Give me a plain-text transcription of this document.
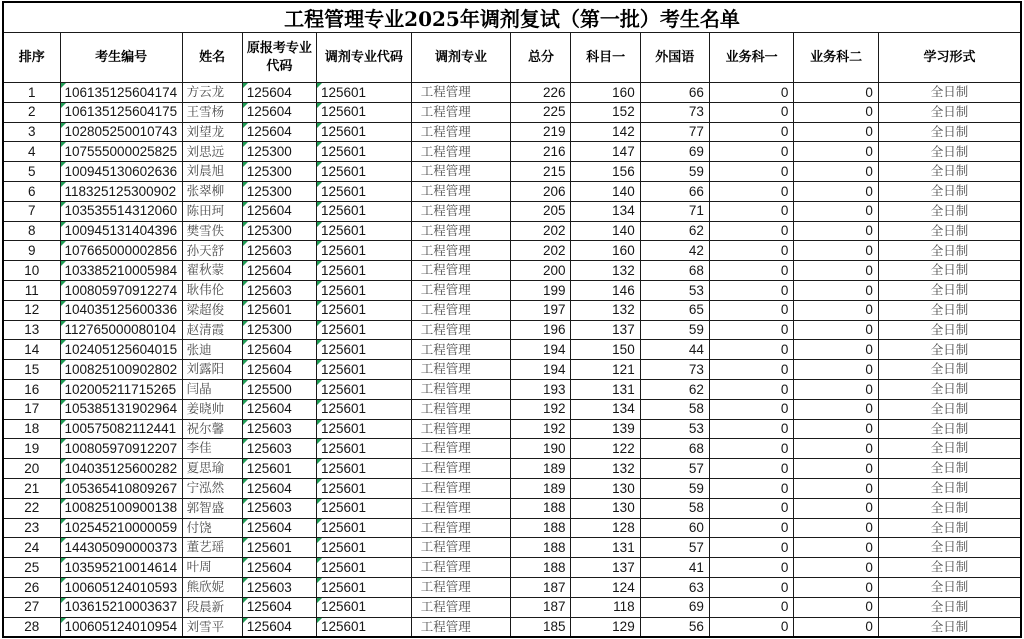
工程管理专业2025年调剂复试（第一批）考生名单											
排序	考生编号	姓名	原报考专业代码	调剂专业代码	调剂专业	总分	科目一	外国语	业务科一	业务科二	学习形式
1	106135125604174	方云龙	125604	125601	工程管理	226	160	66	0	0	全日制
2	106135125604175	王雪杨	125604	125601	工程管理	225	152	73	0	0	全日制
3	102805250010743	刘望龙	125604	125601	工程管理	219	142	77	0	0	全日制
4	107555000025825	刘思远	125300	125601	工程管理	216	147	69	0	0	全日制
5	100945130602636	刘晨旭	125300	125601	工程管理	215	156	59	0	0	全日制
6	118325125300902	张翠柳	125300	125601	工程管理	206	140	66	0	0	全日制
7	103535514312060	陈田珂	125604	125601	工程管理	205	134	71	0	0	全日制
8	100945131404396	樊雪佚	125300	125601	工程管理	202	140	62	0	0	全日制
9	107665000002856	孙天舒	125603	125601	工程管理	202	160	42	0	0	全日制
10	103385210005984	翟秋蒙	125604	125601	工程管理	200	132	68	0	0	全日制
11	100805970912274	耿伟伦	125603	125601	工程管理	199	146	53	0	0	全日制
12	104035125600336	梁超俊	125601	125601	工程管理	197	132	65	0	0	全日制
13	112765000080104	赵清霞	125300	125601	工程管理	196	137	59	0	0	全日制
14	102405125604015	张迪	125604	125601	工程管理	194	150	44	0	0	全日制
15	100825100902802	刘露阳	125604	125601	工程管理	194	121	73	0	0	全日制
16	102005211715265	闫晶	125500	125601	工程管理	193	131	62	0	0	全日制
17	105385131902964	姜晓帅	125604	125601	工程管理	192	134	58	0	0	全日制
18	100575082112441	祝尔馨	125603	125601	工程管理	192	139	53	0	0	全日制
19	100805970912207	李佳	125603	125601	工程管理	190	122	68	0	0	全日制
20	104035125600282	夏思瑜	125601	125601	工程管理	189	132	57	0	0	全日制
21	105365410809267	宁泓然	125604	125601	工程管理	189	130	59	0	0	全日制
22	100825100900138	郭智盛	125603	125601	工程管理	188	130	58	0	0	全日制
23	102545210000059	付饶	125604	125601	工程管理	188	128	60	0	0	全日制
24	144305090000373	董艺瑶	125601	125601	工程管理	188	131	57	0	0	全日制
25	103595210014614	叶周	125604	125601	工程管理	188	137	41	0	0	全日制
26	100605124010593	熊欣妮	125603	125601	工程管理	187	124	63	0	0	全日制
27	103615210003637	段晨新	125604	125601	工程管理	187	118	69	0	0	全日制
28	100605124010954	刘雪平	125604	125601	工程管理	185	129	56	0	0	全日制
